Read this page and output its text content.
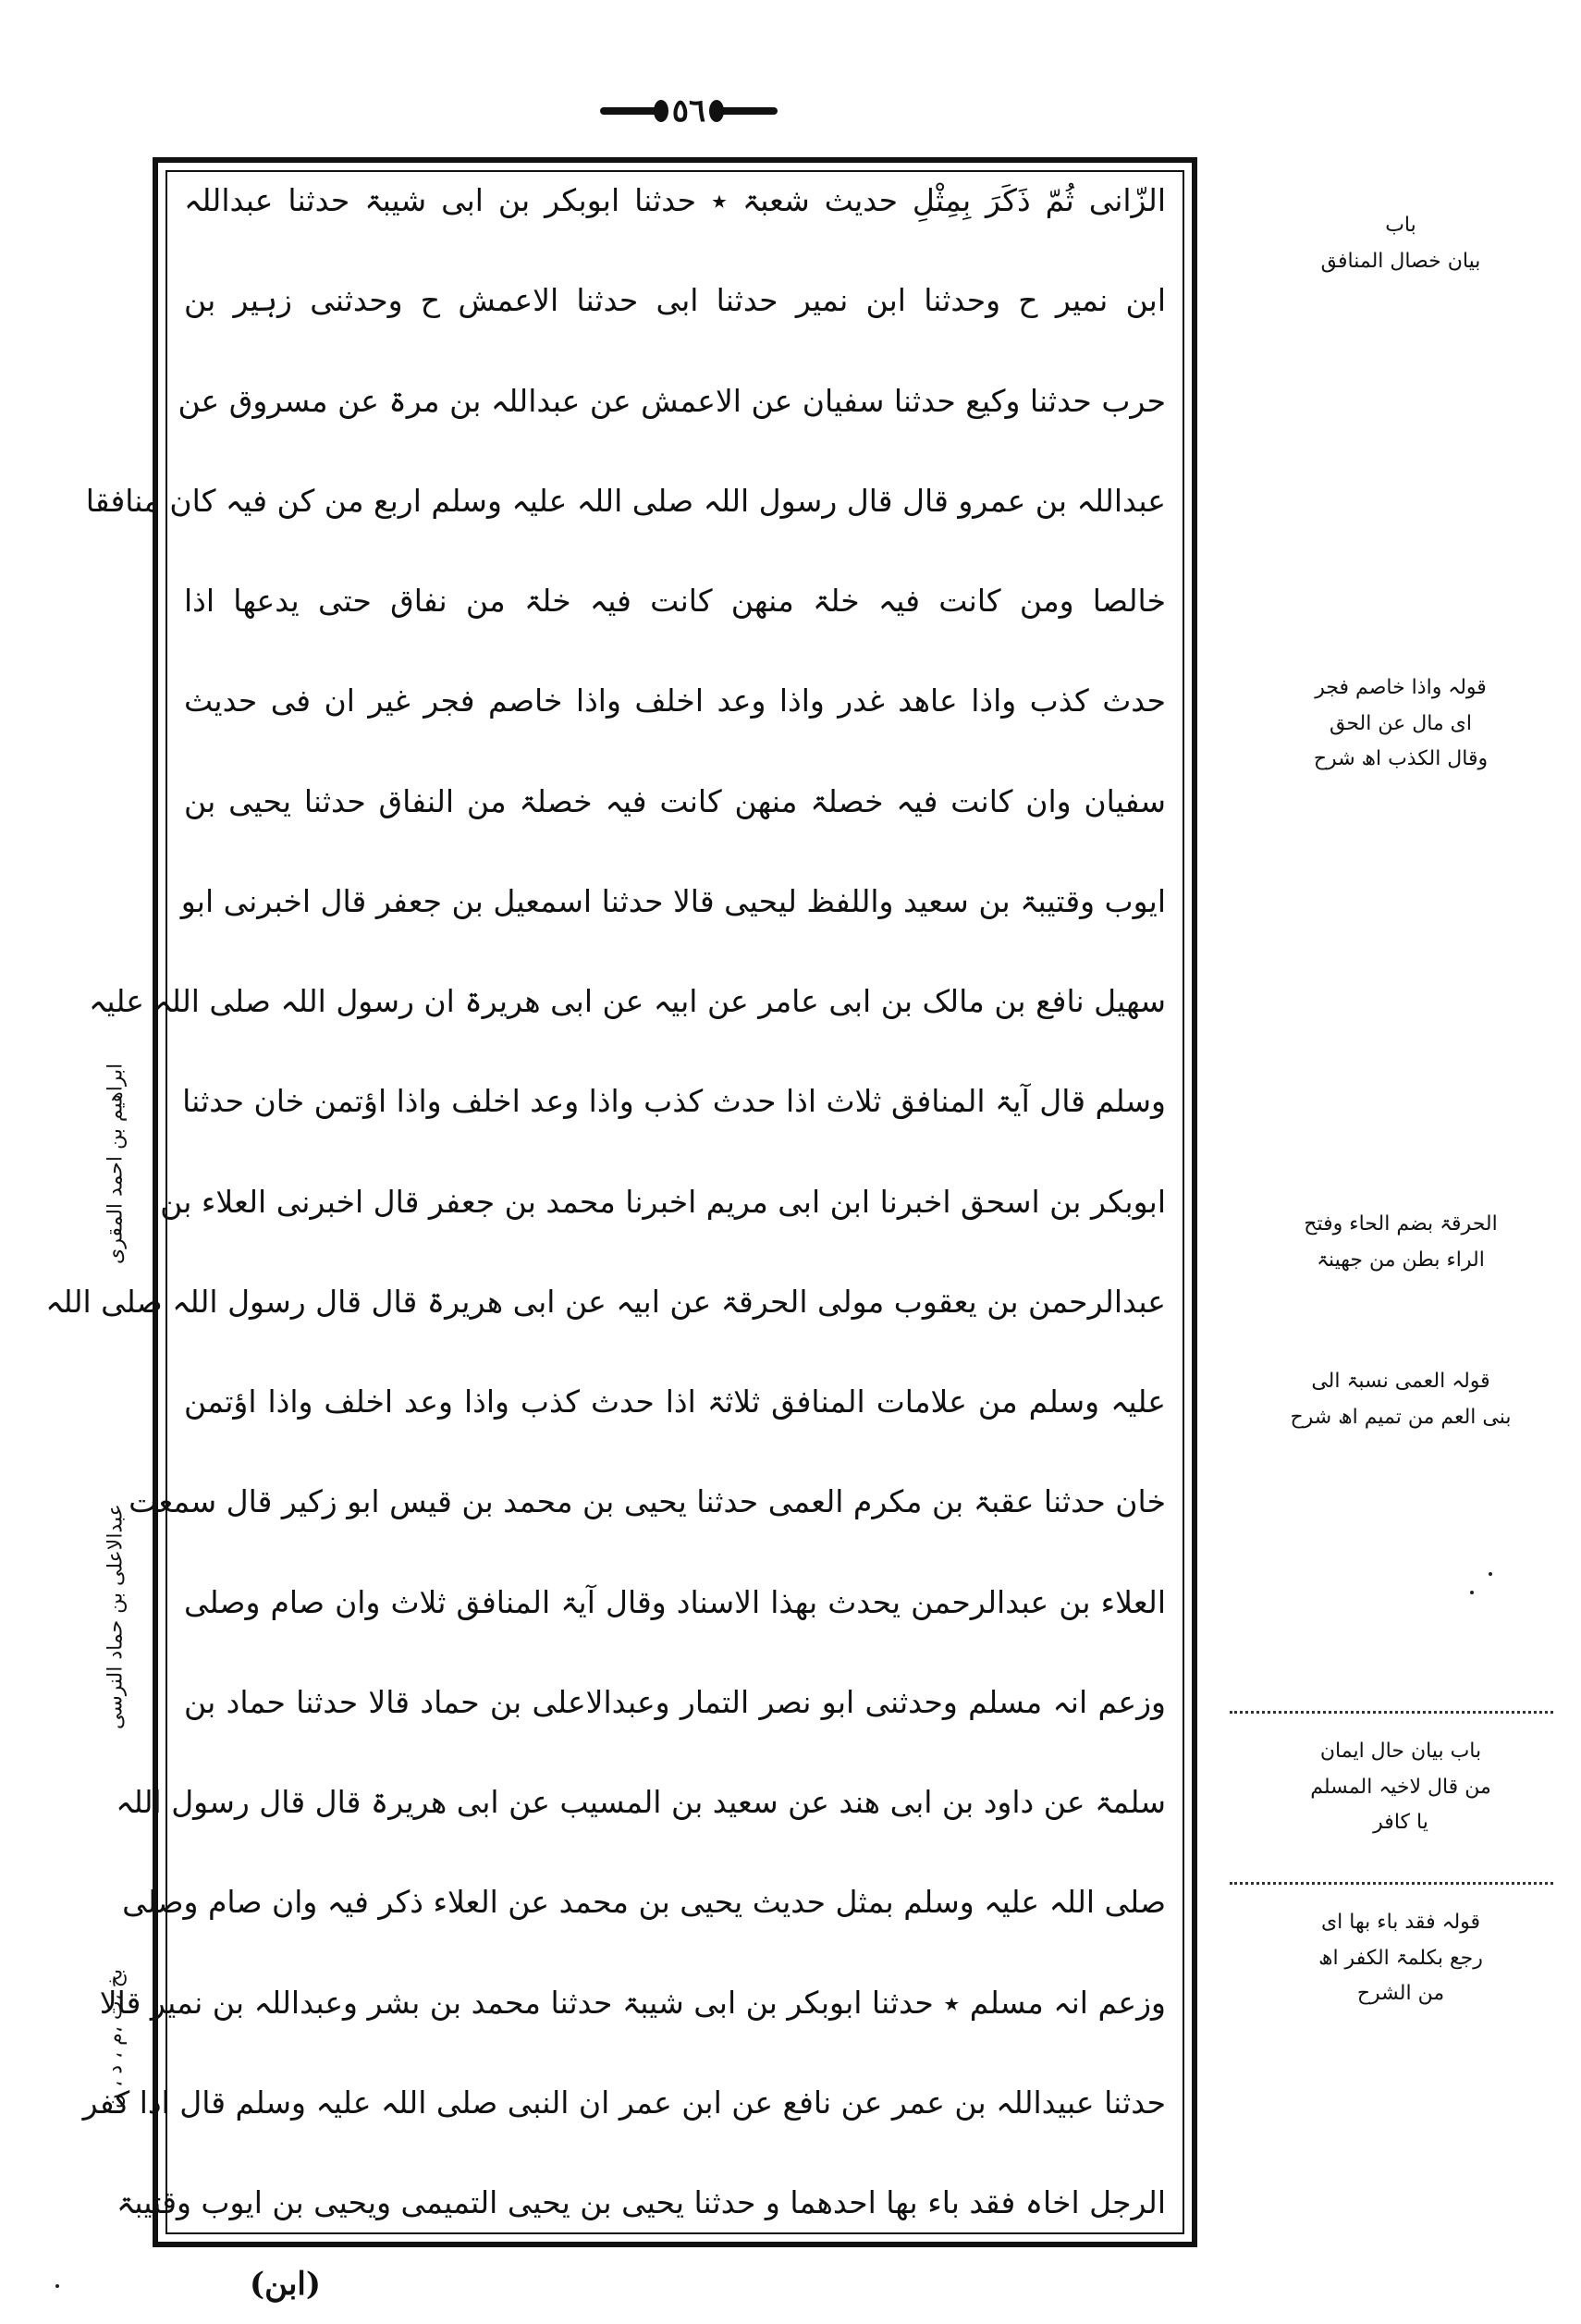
٥٦
الزّانی ثُمّ ذَکَرَ بِمِثْلِ حدیث شعبۃ ٭ حدثنا ابوبکر بن ابی شیبۃ حدثنا عبداللہ
ابن نمیر ح وحدثنا ابن نمیر حدثنا ابی حدثنا الاعمش ح وحدثنی زہیر بن
حرب حدثنا وکیع حدثنا سفیان عن الاعمش عن عبداللہ بن مرۃ عن مسروق عن
عبداللہ بن عمرو قال قال رسول اللہ صلی اللہ علیہ وسلم اربع من کن فیہ کان منافقا
خالصا ومن کانت فیہ خلۃ منھن کانت فیہ خلۃ من نفاق حتی یدعھا اذا
حدث کذب واذا عاھد غدر واذا وعد اخلف واذا خاصم فجر غیر ان فی حدیث
سفیان وان کانت فیہ خصلۃ منھن کانت فیہ خصلۃ من النفاق حدثنا یحیی بن
ایوب وقتیبۃ بن سعید واللفظ لیحیی قالا حدثنا اسمعیل بن جعفر قال اخبرنی ابو
سھیل نافع بن مالک بن ابی عامر عن ابیہ عن ابی ھریرۃ ان رسول اللہ صلی اللہ علیہ
وسلم قال آیۃ المنافق ثلاث اذا حدث کذب واذا وعد اخلف واذا اؤتمن خان حدثنا
ابوبکر بن اسحق اخبرنا ابن ابی مریم اخبرنا محمد بن جعفر قال اخبرنی العلاء بن
عبدالرحمن بن یعقوب مولی الحرقۃ عن ابیہ عن ابی ھریرۃ قال قال رسول اللہ صلی اللہ
علیہ وسلم من علامات المنافق ثلاثۃ اذا حدث کذب واذا وعد اخلف واذا اؤتمن
خان حدثنا عقبۃ بن مکرم العمی حدثنا یحیی بن محمد بن قیس ابو زکیر قال سمعت
العلاء بن عبدالرحمن یحدث بھذا الاسناد وقال آیۃ المنافق ثلاث وان صام وصلی
وزعم انہ مسلم وحدثنی ابو نصر التمار وعبدالاعلی بن حماد قالا حدثنا حماد بن
سلمۃ عن داود بن ابی ھند عن سعید بن المسیب عن ابی ھریرۃ قال قال رسول اللہ
صلی اللہ علیہ وسلم بمثل حدیث یحیی بن محمد عن العلاء ذکر فیہ وان صام وصلی
وزعم انہ مسلم ٭ حدثنا ابوبکر بن ابی شیبۃ حدثنا محمد بن بشر وعبداللہ بن نمیر قالا
حدثنا عبیداللہ بن عمر عن نافع عن ابن عمر ان النبی صلی اللہ علیہ وسلم قال اذا کفر
الرجل اخاہ فقد باء بھا احدھما و حدثنا یحیی بن یحیی التمیمی ویحیی بن ایوب وقتیبۃ
باب
بیان خصال المنافق
قولہ واذا خاصم فجر
ای مال عن الحق
وقال الکذب اھ شرح
الحرقۃ بضم الحاء وفتح
الراء بطن من جھینۃ
قولہ العمی نسبۃ الی
بنی العم من تمیم اھ شرح
باب بیان حال ایمان
من قال لاخیہ المسلم
یا کافر
قولہ فقد باء بھا ای
رجع بکلمۃ الکفر اھ
من الشرح
بخ ،ت ،م ، د ، ن
عبدالاعلی بن حماد النرسی
ابراھیم بن احمد المقری
(ابن)
